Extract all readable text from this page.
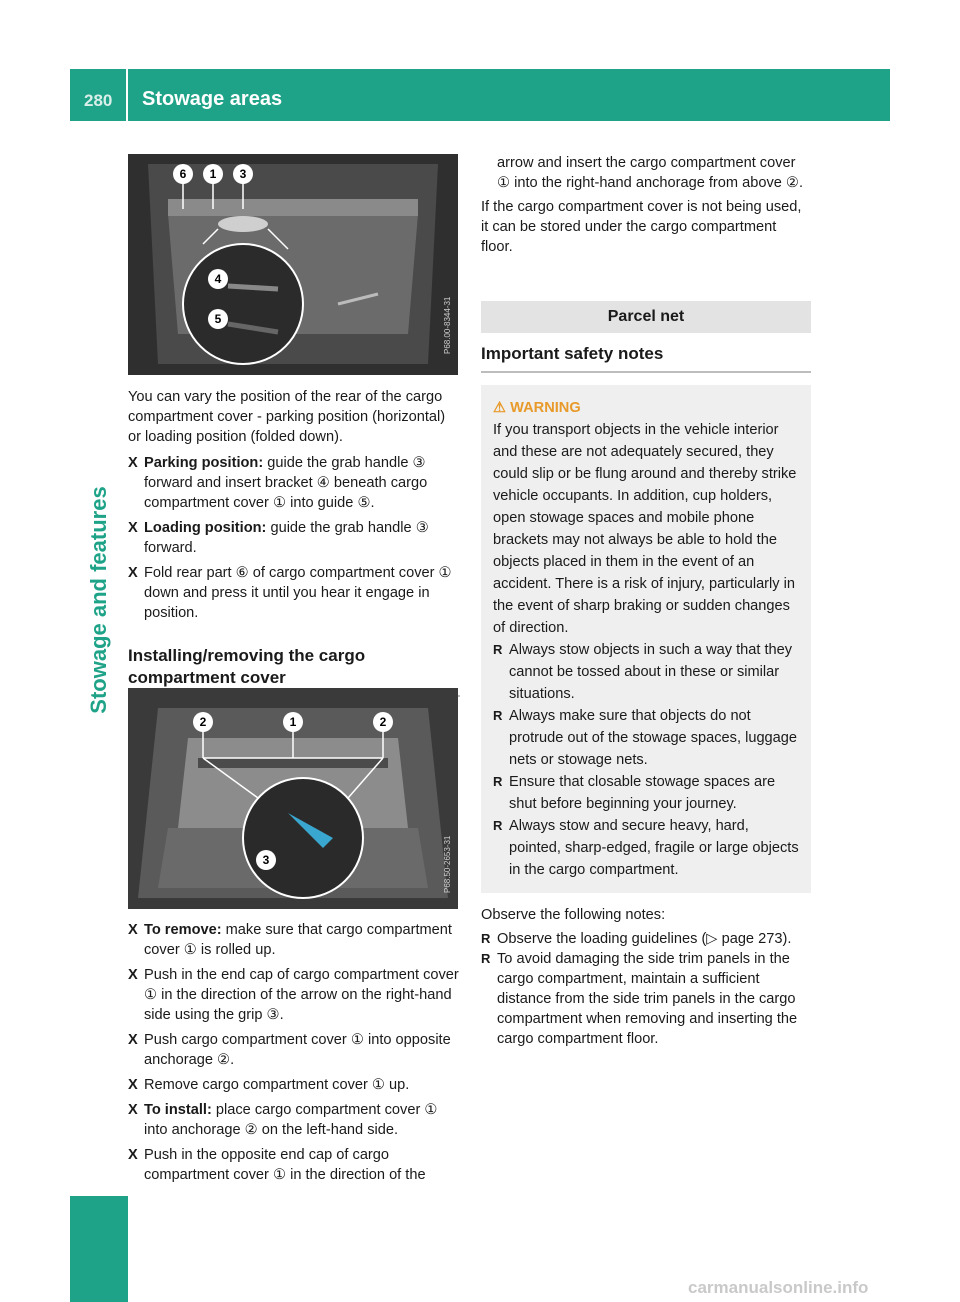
280 Stowage areas
Stowage and features
6 1 3
4
5	P68.00-8344-31

You can vary the position of the rear of the cargo compartment cover - parking position (horizontal) or loading position (folded down).

X Parking position: guide the grab handle ③ forward and insert bracket ④ beneath cargo compartment cover ① into guide ⑤.
X Loading position: guide the grab handle ③ forward.
X Fold rear part ⑥ of cargo compartment cover ① down and press it until you hear it engage in position.
Installing/removing the cargo compartment cover
2	1	2
3	P68.50-2653-31
X To remove: make sure that cargo compartment cover ① is rolled up.
X Push in the end cap of cargo compartment cover ① in the direction of the arrow on the right-hand side using the grip ③.
X Push cargo compartment cover ① into opposite anchorage ②.
X Remove cargo compartment cover ① up.
X To install: place cargo compartment cover ① into anchorage ② on the left-hand side.
X Push in the opposite end cap of cargo compartment cover ① in the direction of the

arrow and insert the cargo compartment cover ① into the right-hand anchorage from above ②.

If the cargo compartment cover is not being used, it can be stored under the cargo compartment floor.

Parcel net
Important safety notes
⚠︎ WARNING

If you transport objects in the vehicle interior and these are not adequately secured, they could slip or be flung around and thereby strike vehicle occupants. In addition, cup holders, open stowage spaces and mobile phone brackets may not always be able to hold the objects placed in them in the event of an accident. There is a risk of injury, particularly in the event of sharp braking or sudden changes of direction.

R Always stow objects in such a way that they cannot be tossed about in these or similar situations.
R Always make sure that objects do not protrude out of the stowage spaces, luggage nets or stowage nets.
R Ensure that closable stowage spaces are shut before beginning your journey.
R Always stow and secure heavy, hard, pointed, sharp-edged, fragile or large objects in the cargo compartment.

Observe the following notes:

R Observe the loading guidelines (▷ page 273).
R To avoid damaging the side trim panels in the cargo compartment, maintain a sufficient distance from the side trim panels in the cargo compartment when removing and inserting the cargo compartment floor.
carmanualsonline.info
